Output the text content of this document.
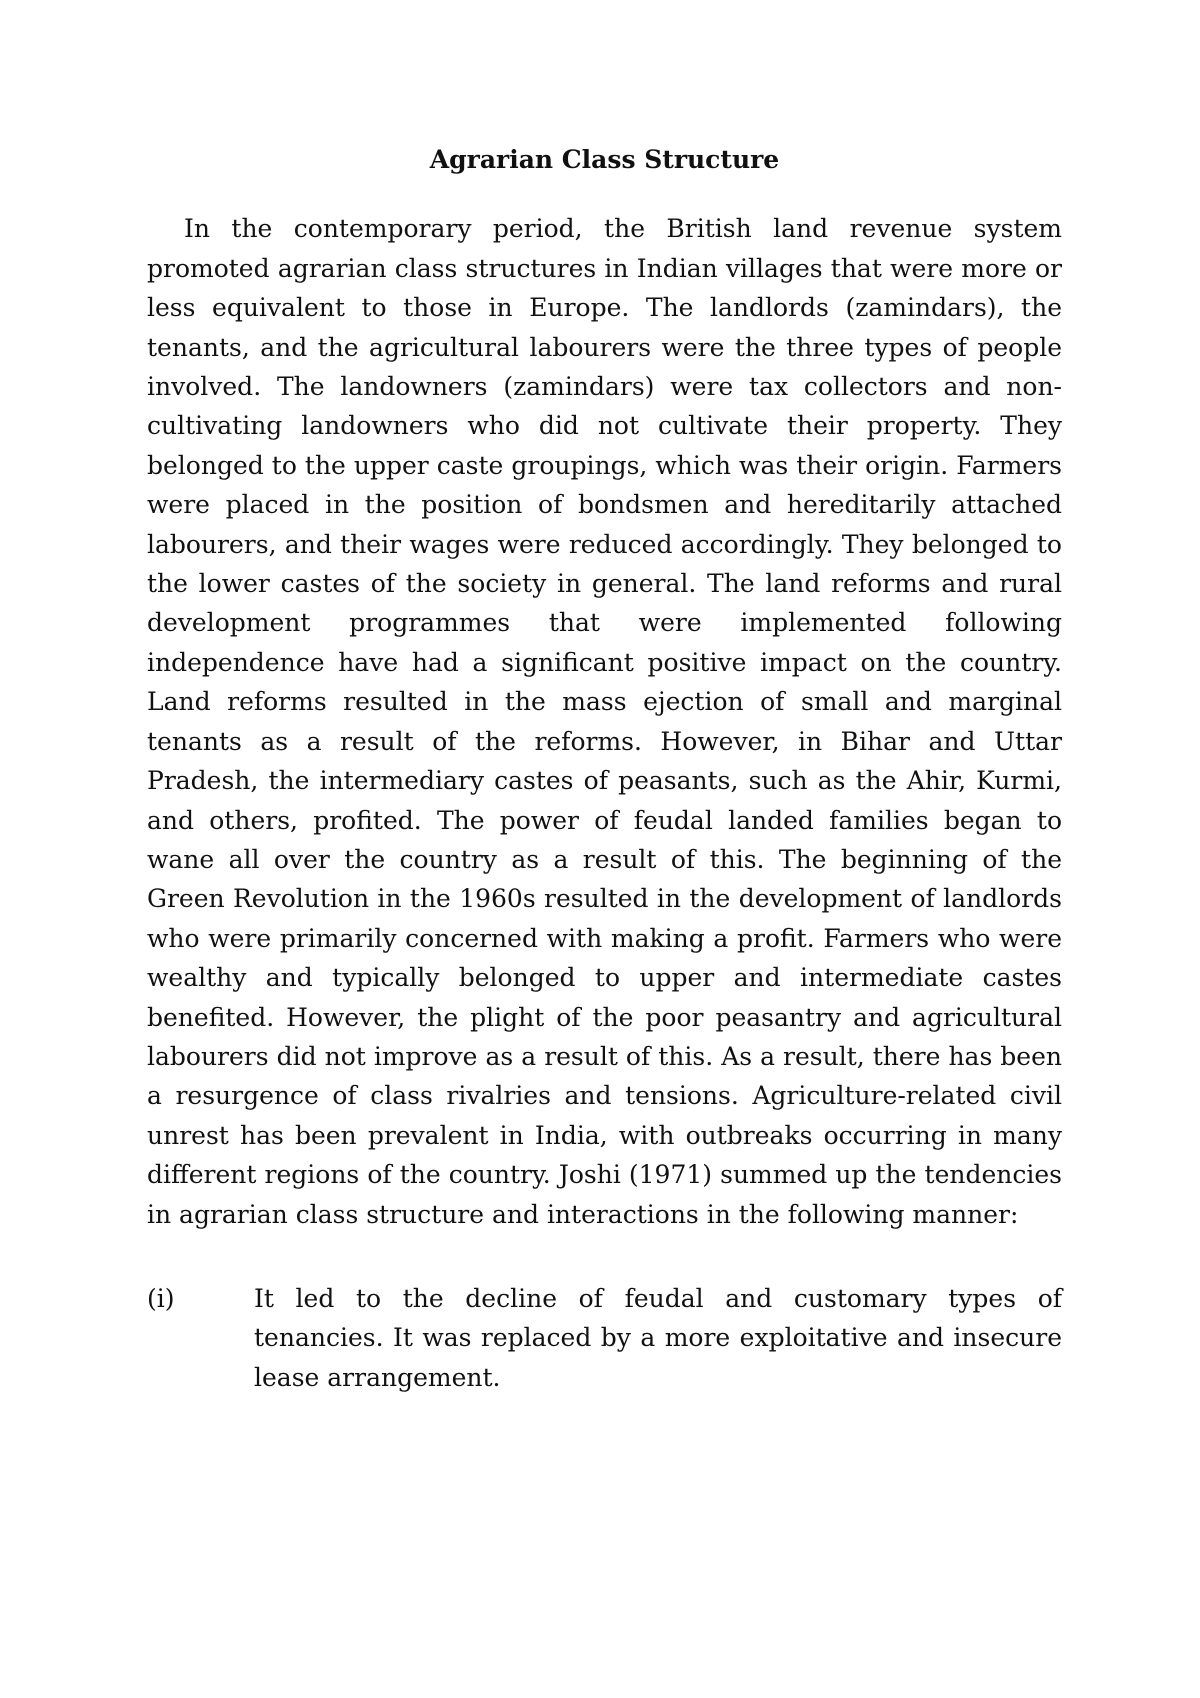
Agrarian Class Structure

In the contemporary period, the British land revenue system promoted agrarian class structures in Indian villages that were more or less equivalent to those in Europe. The landlords (zamindars), the tenants, and the agricultural labourers were the three types of people involved. The landowners (zamindars) were tax collectors and non-cultivating landowners who did not cultivate their property. They belonged to the upper caste groupings, which was their origin. Farmers were placed in the position of bondsmen and hereditarily attached labourers, and their wages were reduced accordingly. They belonged to the lower castes of the society in general. The land reforms and rural development programmes that were implemented following independence have had a significant positive impact on the country. Land reforms resulted in the mass ejection of small and marginal tenants as a result of the reforms. However, in Bihar and Uttar Pradesh, the intermediary castes of peasants, such as the Ahir, Kurmi, and others, profited. The power of feudal landed families began to wane all over the country as a result of this. The beginning of the Green Revolution in the 1960s resulted in the development of landlords who were primarily concerned with making a profit. Farmers who were wealthy and typically belonged to upper and intermediate castes benefited. However, the plight of the poor peasantry and agricultural labourers did not improve as a result of this. As a result, there has been a resurgence of class rivalries and tensions. Agriculture-related civil unrest has been prevalent in India, with outbreaks occurring in many different regions of the country. Joshi (1971) summed up the tendencies in agrarian class structure and interactions in the following manner:

(i)	It led to the decline of feudal and customary types of tenancies. It was replaced by a more exploitative and insecure lease arrangement.
